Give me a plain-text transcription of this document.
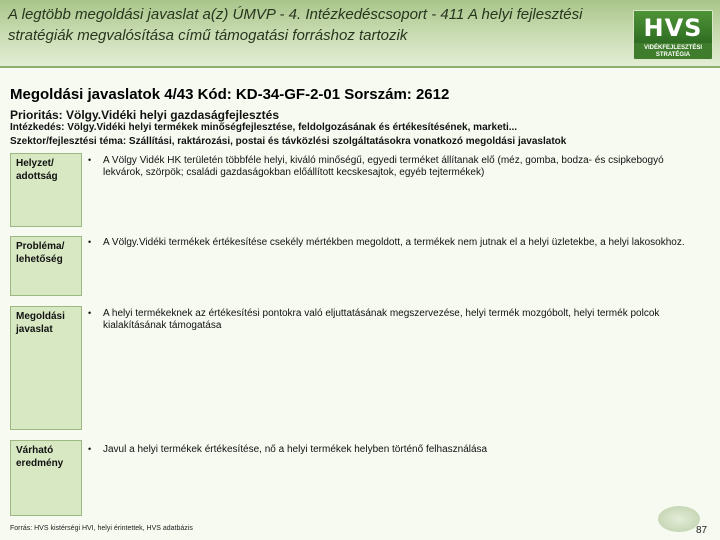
A legtöbb megoldási javaslat a(z) ÚMVP - 4. Intézkedéscsoport - 411 A helyi fejlesztési stratégiák megvalósítása című támogatási forráshoz tartozik	HVS
VIDÉKFEJLESZTÉSI STRATÉGIA
Megoldási javaslatok 4/43 Kód: KD-34-GF-2-01 Sorszám: 2612
Prioritás: Völgy.Vidéki helyi gazdaságfejlesztés
Intézkedés: Völgy.Vidéki helyi termékek minőségfejlesztése, feldolgozásának és értékesítésének, marketi...
Szektor/fejlesztési téma: Szállítási, raktározási, postai és távközlési szolgáltatásokra vonatkozó megoldási javaslatok
Helyzet/ adottság
•	A Völgy Vidék HK területén többféle helyi, kiváló minőségű, egyedi terméket állítanak elő (méz, gomba, bodza- és csipkebogyó lekvárok, szörpök; családi gazdaságokban előállított kecskesajtok, egyéb tejtermékek)
Probléma/ lehetőség
•	A Völgy.Vidéki termékek értékesítése csekély mértékben megoldott, a termékek nem jutnak el a helyi üzletekbe, a helyi lakosokhoz.
Megoldási javaslat
•	A helyi termékeknek az értékesítési pontokra való eljuttatásának megszervezése, helyi termék mozgóbolt, helyi termék polcok kialakításának támogatása
Várható eredmény
•	Javul a helyi termékek értékesítése, nő a helyi termékek helyben történő felhasználása
Forrás: HVS kistérségi HVI, helyi érintettek, HVS adatbázis	87
